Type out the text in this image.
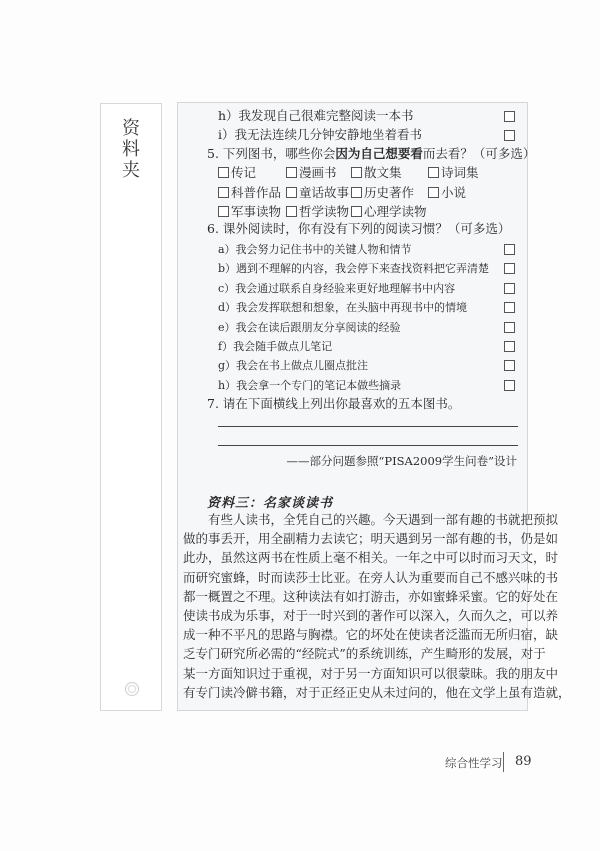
资
料
夹
h）我发现自己很难完整阅读一本书
i）我无法连续几分钟安静地坐着看书
5. 下列图书，哪些你会因为自己想要看而去看？（可多选）
传记	漫画书	散文集	诗词集
科普作品	童话故事	历史著作	小说
军事读物	哲学读物	心理学读物
6. 课外阅读时，你有没有下列的阅读习惯？（可多选）
a）我会努力记住书中的关键人物和情节
b）遇到不理解的内容，我会停下来查找资料把它弄清楚
c）我会通过联系自身经验来更好地理解书中内容
d）我会发挥联想和想象，在头脑中再现书中的情境
e）我会在读后跟朋友分享阅读的经验
f）我会随手做点儿笔记
g）我会在书上做点儿圈点批注
h）我会拿一个专门的笔记本做些摘录
7. 请在下面横线上列出你最喜欢的五本图书。
——部分问题参照“PISA2009学生问卷”设计
资料三：名家谈读书
有些人读书，全凭自己的兴趣。今天遇到一部有趣的书就把预拟
做的事丢开，用全副精力去读它；明天遇到另一部有趣的书，仍是如
此办，虽然这两书在性质上毫不相关。一年之中可以时而习天文，时
而研究蜜蜂，时而读莎士比亚。在旁人认为重要而自己不感兴味的书
都一概置之不理。这种读法有如打游击，亦如蜜蜂采蜜。它的好处在
使读书成为乐事，对于一时兴到的著作可以深入，久而久之，可以养
成一种不平凡的思路与胸襟。它的坏处在使读者泛滥而无所归宿，缺
乏专门研究所必需的“经院式”的系统训练，产生畸形的发展，对于
某一方面知识过于重视，对于另一方面知识可以很蒙昧。我的朋友中
有专门读冷僻书籍，对于正经正史从未过问的，他在文学上虽有造就，
综合性学习 89
